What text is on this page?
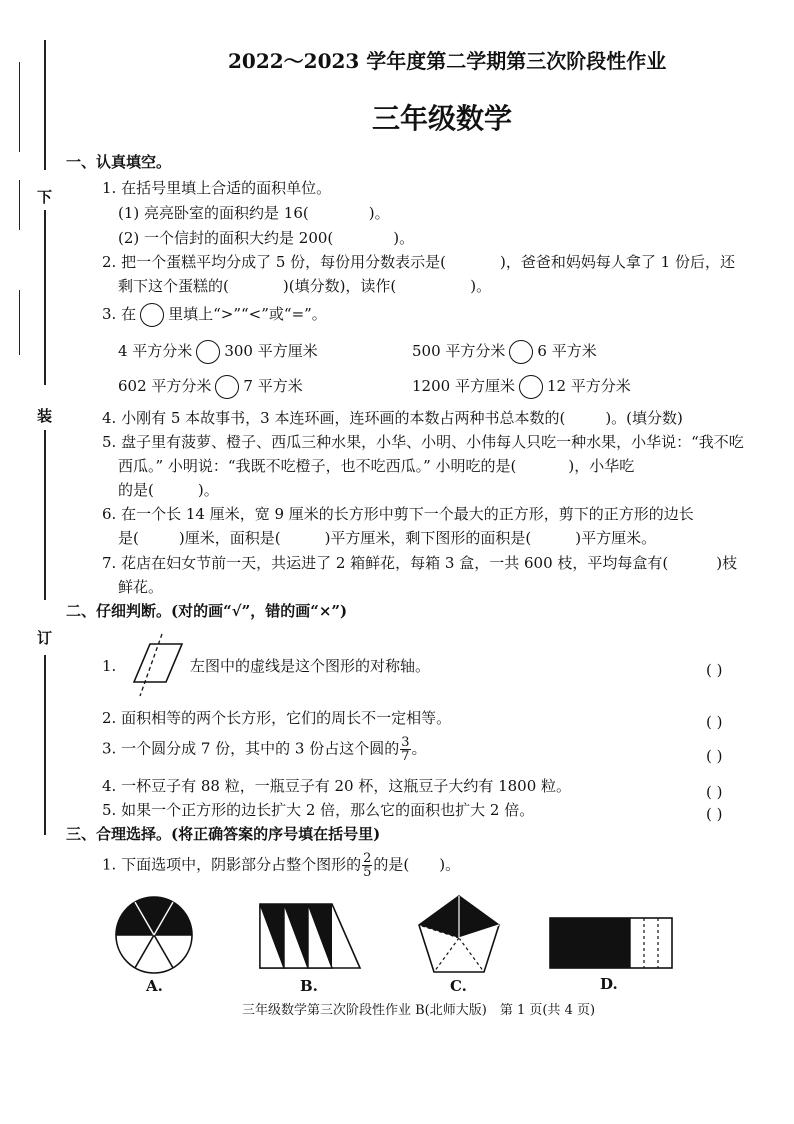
下
装
订
2022～2023 学年度第二学期第三次阶段性作业
三年级数学
一、认真填空。
1. 在括号里填上合适的面积单位。
(1) 亮亮卧室的面积约是 16(	)。
(2) 一个信封的面积大约是 200(	)。
2. 把一个蛋糕平均分成了 5 份，每份用分数表示是(	)，爸爸和妈妈每人拿了 1 份后，还
剩下这个蛋糕的(	)(填分数)，读作(	)。
3. 在 里填上“>”“<”或“=”。
4 平方分米 300 平方厘米	500 平方分米 6 平方米
602 平方分米 7 平方米	1200 平方厘米 12 平方分米
4. 小刚有 5 本故事书，3 本连环画，连环画的本数占两种书总本数的(	)。(填分数)
5. 盘子里有菠萝、橙子、西瓜三种水果，小华、小明、小伟每人只吃一种水果，小华说：“我不吃
西瓜。” 小明说：“我既不吃橙子，也不吃西瓜。” 小明吃的是(	)，小华吃
的是(	)。
6. 在一个长 14 厘米，宽 9 厘米的长方形中剪下一个最大的正方形，剪下的正方形的边长
是(	)厘米，面积是(	)平方厘米，剩下图形的面积是(	)平方厘米。
7. 花店在妇女节前一天，共运进了 2 箱鲜花，每箱 3 盒，一共 600 枝，平均每盒有(	)枝
鲜花。
二、仔细判断。(对的画“√”，错的画“×”)
1.	左图中的虚线是这个图形的对称轴。	( )
2. 面积相等的两个长方形，它们的周长不一定相等。	( )
3. 一个圆分成 7 份，其中的 3 份占这个圆的 $\frac{3}{7}$ 。	( )
4. 一杯豆子有 88 粒，一瓶豆子有 20 杯，这瓶豆子大约有 1800 粒。	( )
5. 如果一个正方形的边长扩大 2 倍，那么它的面积也扩大 2 倍。	( )
三、合理选择。(将正确答案的序号填在括号里)
1. 下面选项中，阴影部分占整个图形的 $\frac{2}{5}$ 的是( )。
A.	B.	C.	D.
三年级数学第三次阶段性作业 B(北师大版)　第 1 页(共 4 页)
